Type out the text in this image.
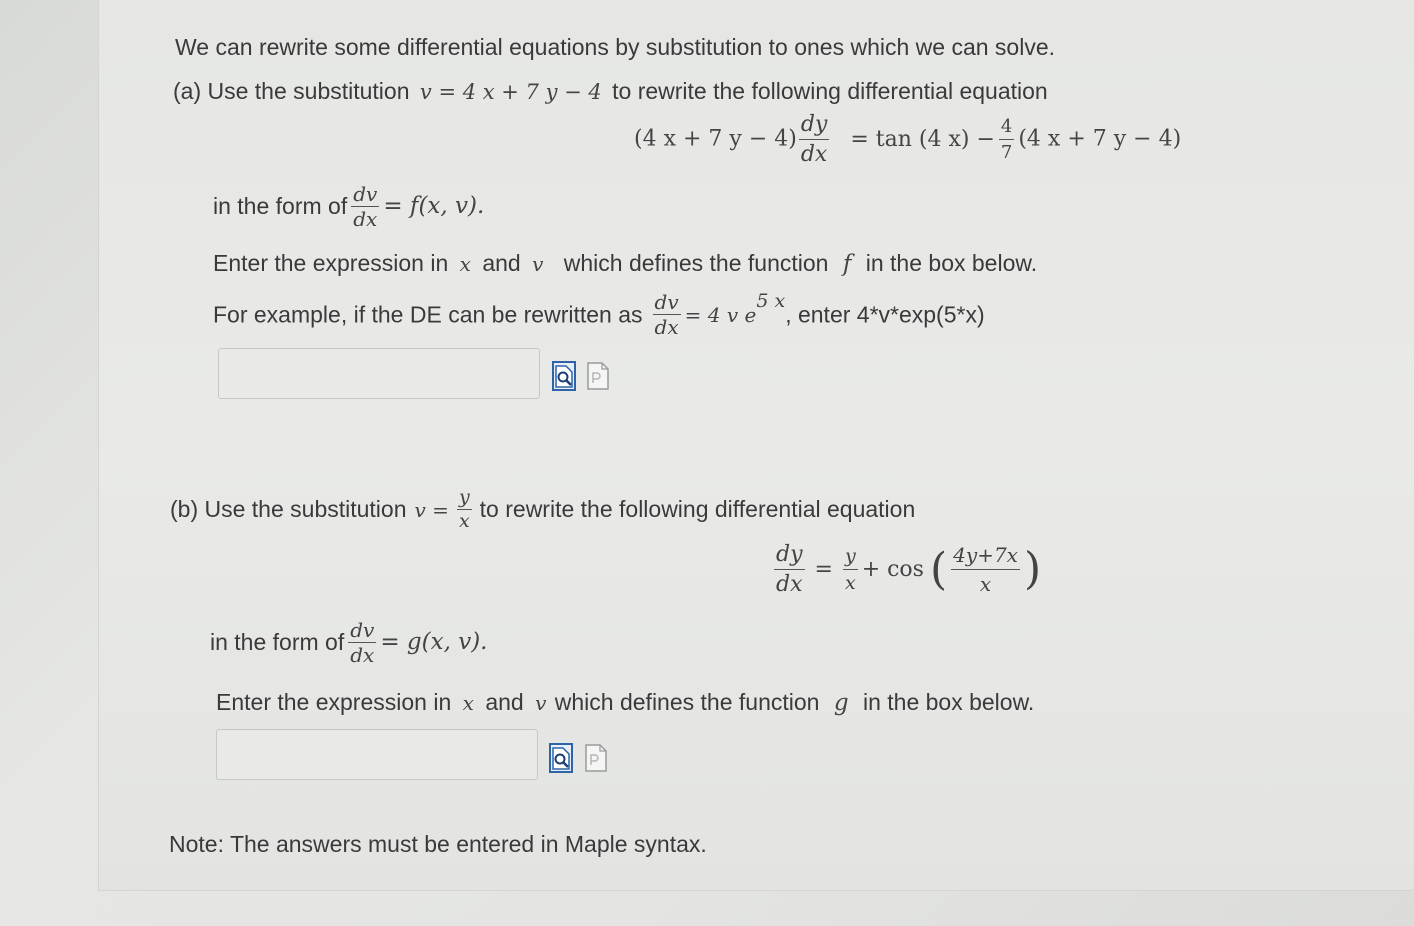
We can rewrite some differential equations by substitution to ones which we can solve.
(a) Use the substitution v = 4 x + 7 y − 4 to rewrite the following differential equation
(4 x + 7 $y - 4) \frac{dy}{dx} = \tan (4$ $x) - \frac{4}{7} (4$ x + 7 y − 4)
in the form of $\frac{dv}{dx} = f(x$, v).
Enter the expression in x and v which defines the function f in the box below.
For example, if the DE can be rewritten as $\frac{dv}{dx} = 4$ v $e^{5 x}$, enter 4*v*exp(5*x)
(b) Use the substitution $v = \frac{y}{x}$ to rewrite the following differential equation
$\frac{dy}{dx} = \frac{y}{x} + \cos$ ( $\frac{4y+7x}{x}$ )
in the form of $\frac{dv}{dx} = g(x$, v).
Enter the expression in x and v which defines the function g in the box below.
Note: The answers must be entered in Maple syntax.
